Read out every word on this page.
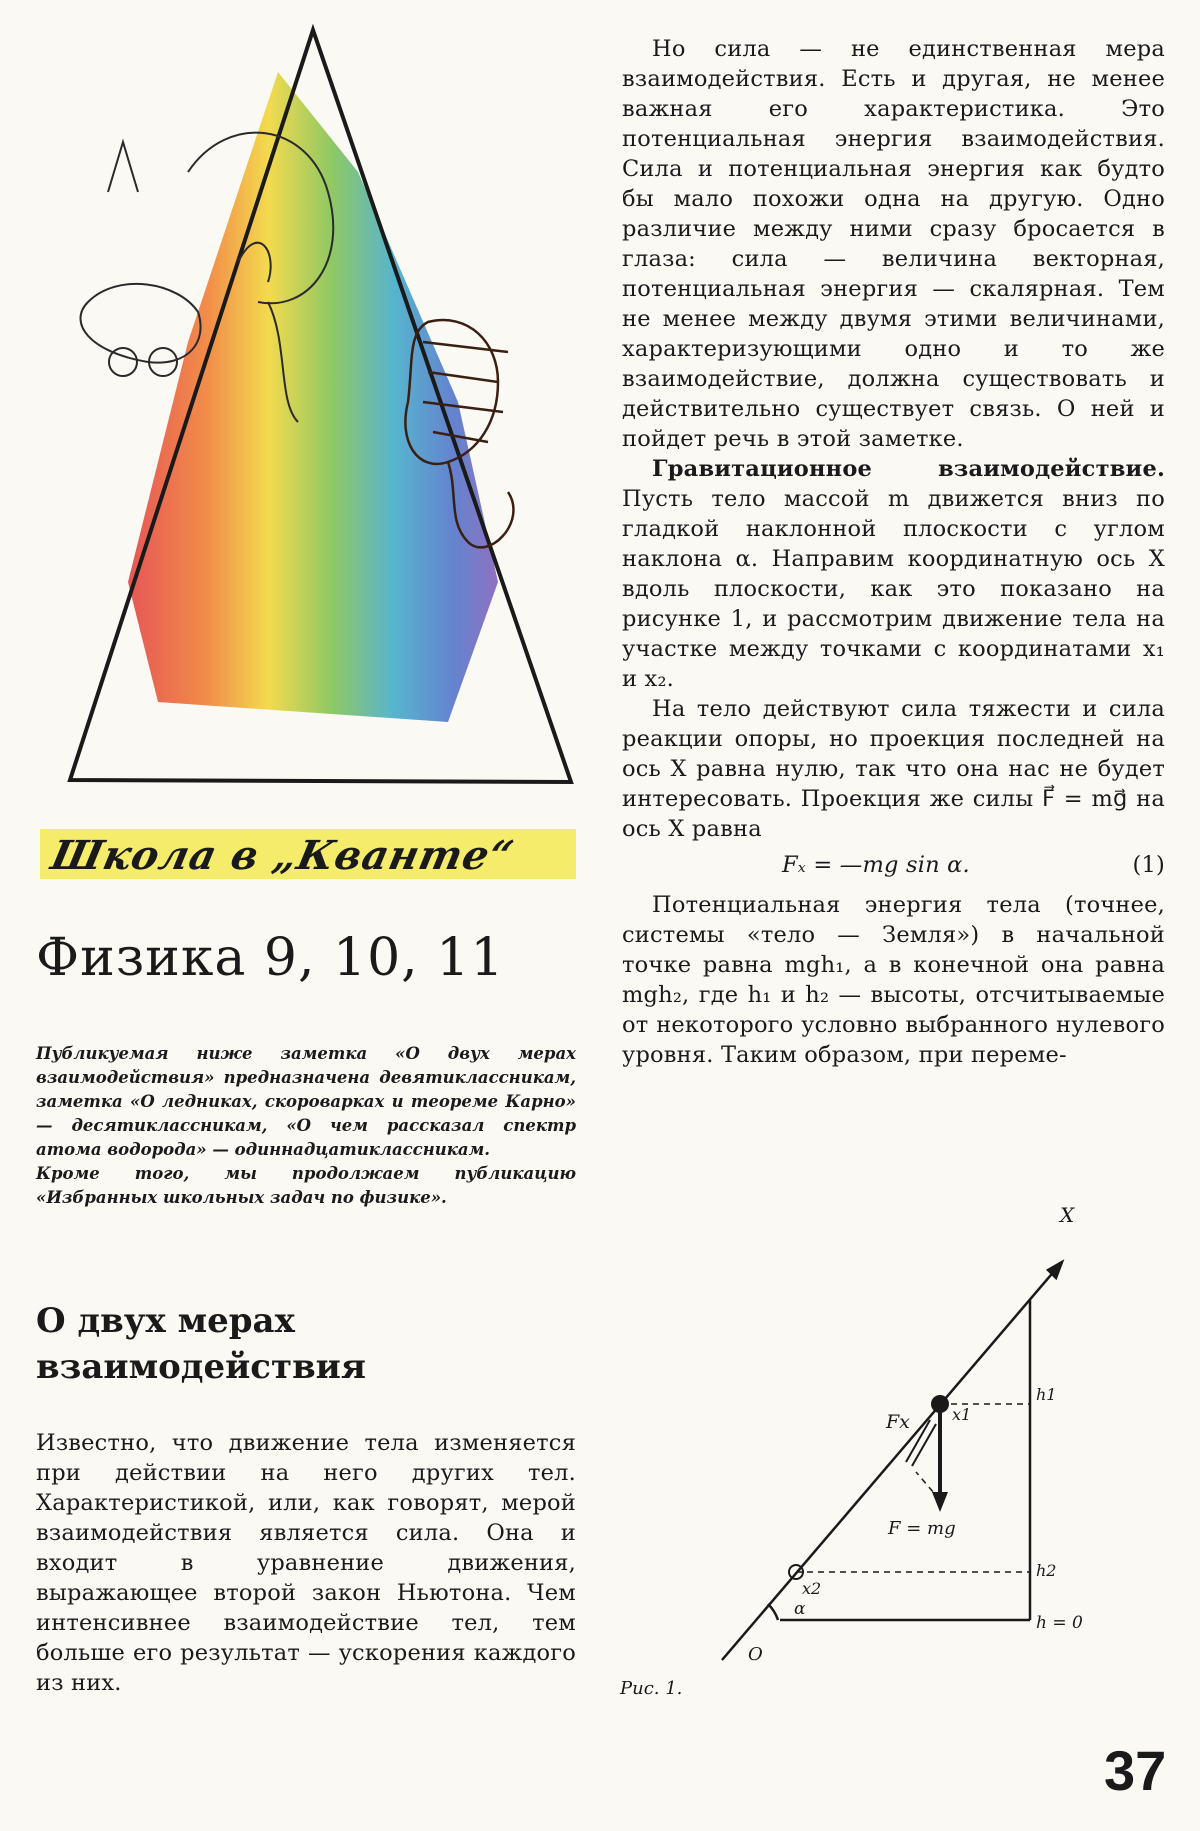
Школа в „Кванте“
Физика 9, 10, 11

Публикуемая ниже заметка «О двух мерах взаимодействия» предназначена девятиклассникам, заметка «О ледниках, скороварках и теореме Карно» — десятиклассникам, «О чем рассказал спектр атома водорода» — одиннадцатиклассникам.

Кроме того, мы продолжаем публикацию «Избранных школьных задач по физике».

О двух мерах взаимодействия

Известно, что движение тела изменяется при действии на него других тел. Характеристикой, или, как говорят, мерой взаимодействия является сила. Она и входит в уравнение движения, выражающее второй закон Ньютона. Чем интенсивнее взаимодействие тел, тем больше его результат — ускорения каждого из них.

Но сила — не единственная мера взаимодействия. Есть и другая, не менее важная его характеристика. Это потенциальная энергия взаимодействия. Сила и потенциальная энергия как будто бы мало похожи одна на другую. Одно различие между ними сразу бросается в глаза: сила — величина векторная, потенциальная энергия — скалярная. Тем не менее между двумя этими величинами, характеризующими одно и то же взаимодействие, должна существовать и действительно существует связь. О ней и пойдет речь в этой заметке.

Гравитационное взаимодействие. Пусть тело массой m движется вниз по гладкой наклонной плоскости с углом наклона α. Направим координатную ось X вдоль плоскости, как это показано на рисунке 1, и рассмотрим движение тела на участке между точками с координатами x₁ и x₂.

На тело действуют сила тяжести и сила реакции опоры, но проекция последней на ось X равна нулю, так что она нас не будет интересовать. Проекция же силы F⃗ = mg⃗ на ось X равна

Fₓ = —mg sin α.	(1)

Потенциальная энергия тела (точнее, системы «тело — Земля») в начальной точке равна mgh₁, а в конечной она равна mgh₂, где h₁ и h₂ — высоты, отсчитываемые от некоторого условно выбранного нулевого уровня. Таким образом, при переме-

X
Fx
F = mg
x1
x2
h1
h2
h = 0
O
α

Рис. 1.

37
